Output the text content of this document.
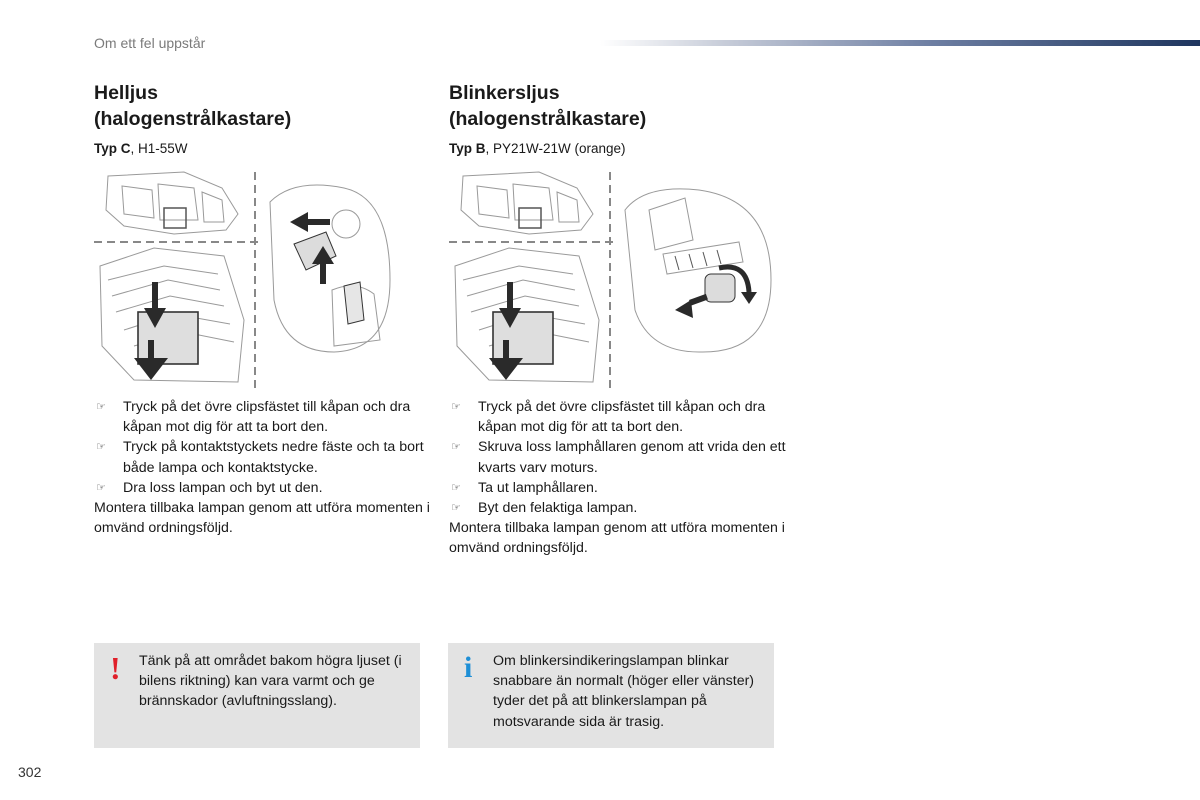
Om ett fel uppstår
Helljus
(halogenstrålkastare)
Typ C, H1-55W
☞ Tryck på det övre clipsfästet till kåpan och dra kåpan mot dig för att ta bort den.
☞ Tryck på kontaktstyckets nedre fäste och ta bort både lampa och kontaktstycke.
☞ Dra loss lampan och byt ut den.

Montera tillbaka lampan genom att utföra momenten i omvänd ordningsföljd.

Blinkersljus
(halogenstrålkastare)
Typ B, PY21W-21W (orange)
☞ Tryck på det övre clipsfästet till kåpan och dra kåpan mot dig för att ta bort den.
☞ Skruva loss lamphållaren genom att vrida den ett kvarts varv moturs.
☞ Ta ut lamphållaren.
☞ Byt den felaktiga lampan.

Montera tillbaka lampan genom att utföra momenten i omvänd ordningsföljd.

! Tänk på att området bakom högra ljuset (i bilens riktning) kan vara varmt och ge brännskador (avluftningsslang).
i Om blinkersindikeringslampan blinkar snabbare än normalt (höger eller vänster) tyder det på att blinkerslampan på motsvarande sida är trasig.
302
